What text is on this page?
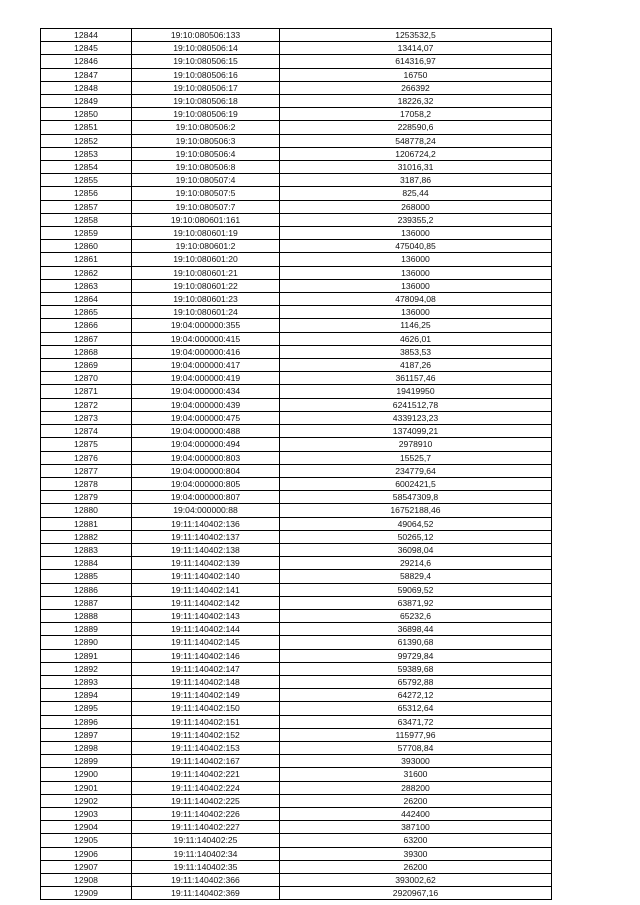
12844	19:10:080506:133	1253532,5
12845	19:10:080506:14	13414,07
12846	19:10:080506:15	614316,97
12847	19:10:080506:16	16750
12848	19:10:080506:17	266392
12849	19:10:080506:18	18226,32
12850	19:10:080506:19	17058,2
12851	19:10:080506:2	228590,6
12852	19:10:080506:3	548778,24
12853	19:10:080506:4	1206724,2
12854	19:10:080506:8	31016,31
12855	19:10:080507:4	3187,86
12856	19:10:080507:5	825,44
12857	19:10:080507:7	268000
12858	19:10:080601:161	239355,2
12859	19:10:080601:19	136000
12860	19:10:080601:2	475040,85
12861	19:10:080601:20	136000
12862	19:10:080601:21	136000
12863	19:10:080601:22	136000
12864	19:10:080601:23	478094,08
12865	19:10:080601:24	136000
12866	19:04:000000:355	1146,25
12867	19:04:000000:415	4626,01
12868	19:04:000000:416	3853,53
12869	19:04:000000:417	4187,26
12870	19:04:000000:419	361157,46
12871	19:04:000000:434	19419950
12872	19:04:000000:439	6241512,78
12873	19:04:000000:475	4339123,23
12874	19:04:000000:488	1374099,21
12875	19:04:000000:494	2978910
12876	19:04:000000:803	15525,7
12877	19:04:000000:804	234779,64
12878	19:04:000000:805	6002421,5
12879	19:04:000000:807	58547309,8
12880	19:04:000000:88	16752188,46
12881	19:11:140402:136	49064,52
12882	19:11:140402:137	50265,12
12883	19:11:140402:138	36098,04
12884	19:11:140402:139	29214,6
12885	19:11:140402:140	58829,4
12886	19:11:140402:141	59069,52
12887	19:11:140402:142	63871,92
12888	19:11:140402:143	65232,6
12889	19:11:140402:144	36898,44
12890	19:11:140402:145	61390,68
12891	19:11:140402:146	99729,84
12892	19:11:140402:147	59389,68
12893	19:11:140402:148	65792,88
12894	19:11:140402:149	64272,12
12895	19:11:140402:150	65312,64
12896	19:11:140402:151	63471,72
12897	19:11:140402:152	115977,96
12898	19:11:140402:153	57708,84
12899	19:11:140402:167	393000
12900	19:11:140402:221	31600
12901	19:11:140402:224	288200
12902	19:11:140402:225	26200
12903	19:11:140402:226	442400
12904	19:11:140402:227	387100
12905	19:11:140402:25	63200
12906	19:11:140402:34	39300
12907	19:11:140402:35	26200
12908	19:11:140402:366	393002,62
12909	19:11:140402:369	2920967,16
